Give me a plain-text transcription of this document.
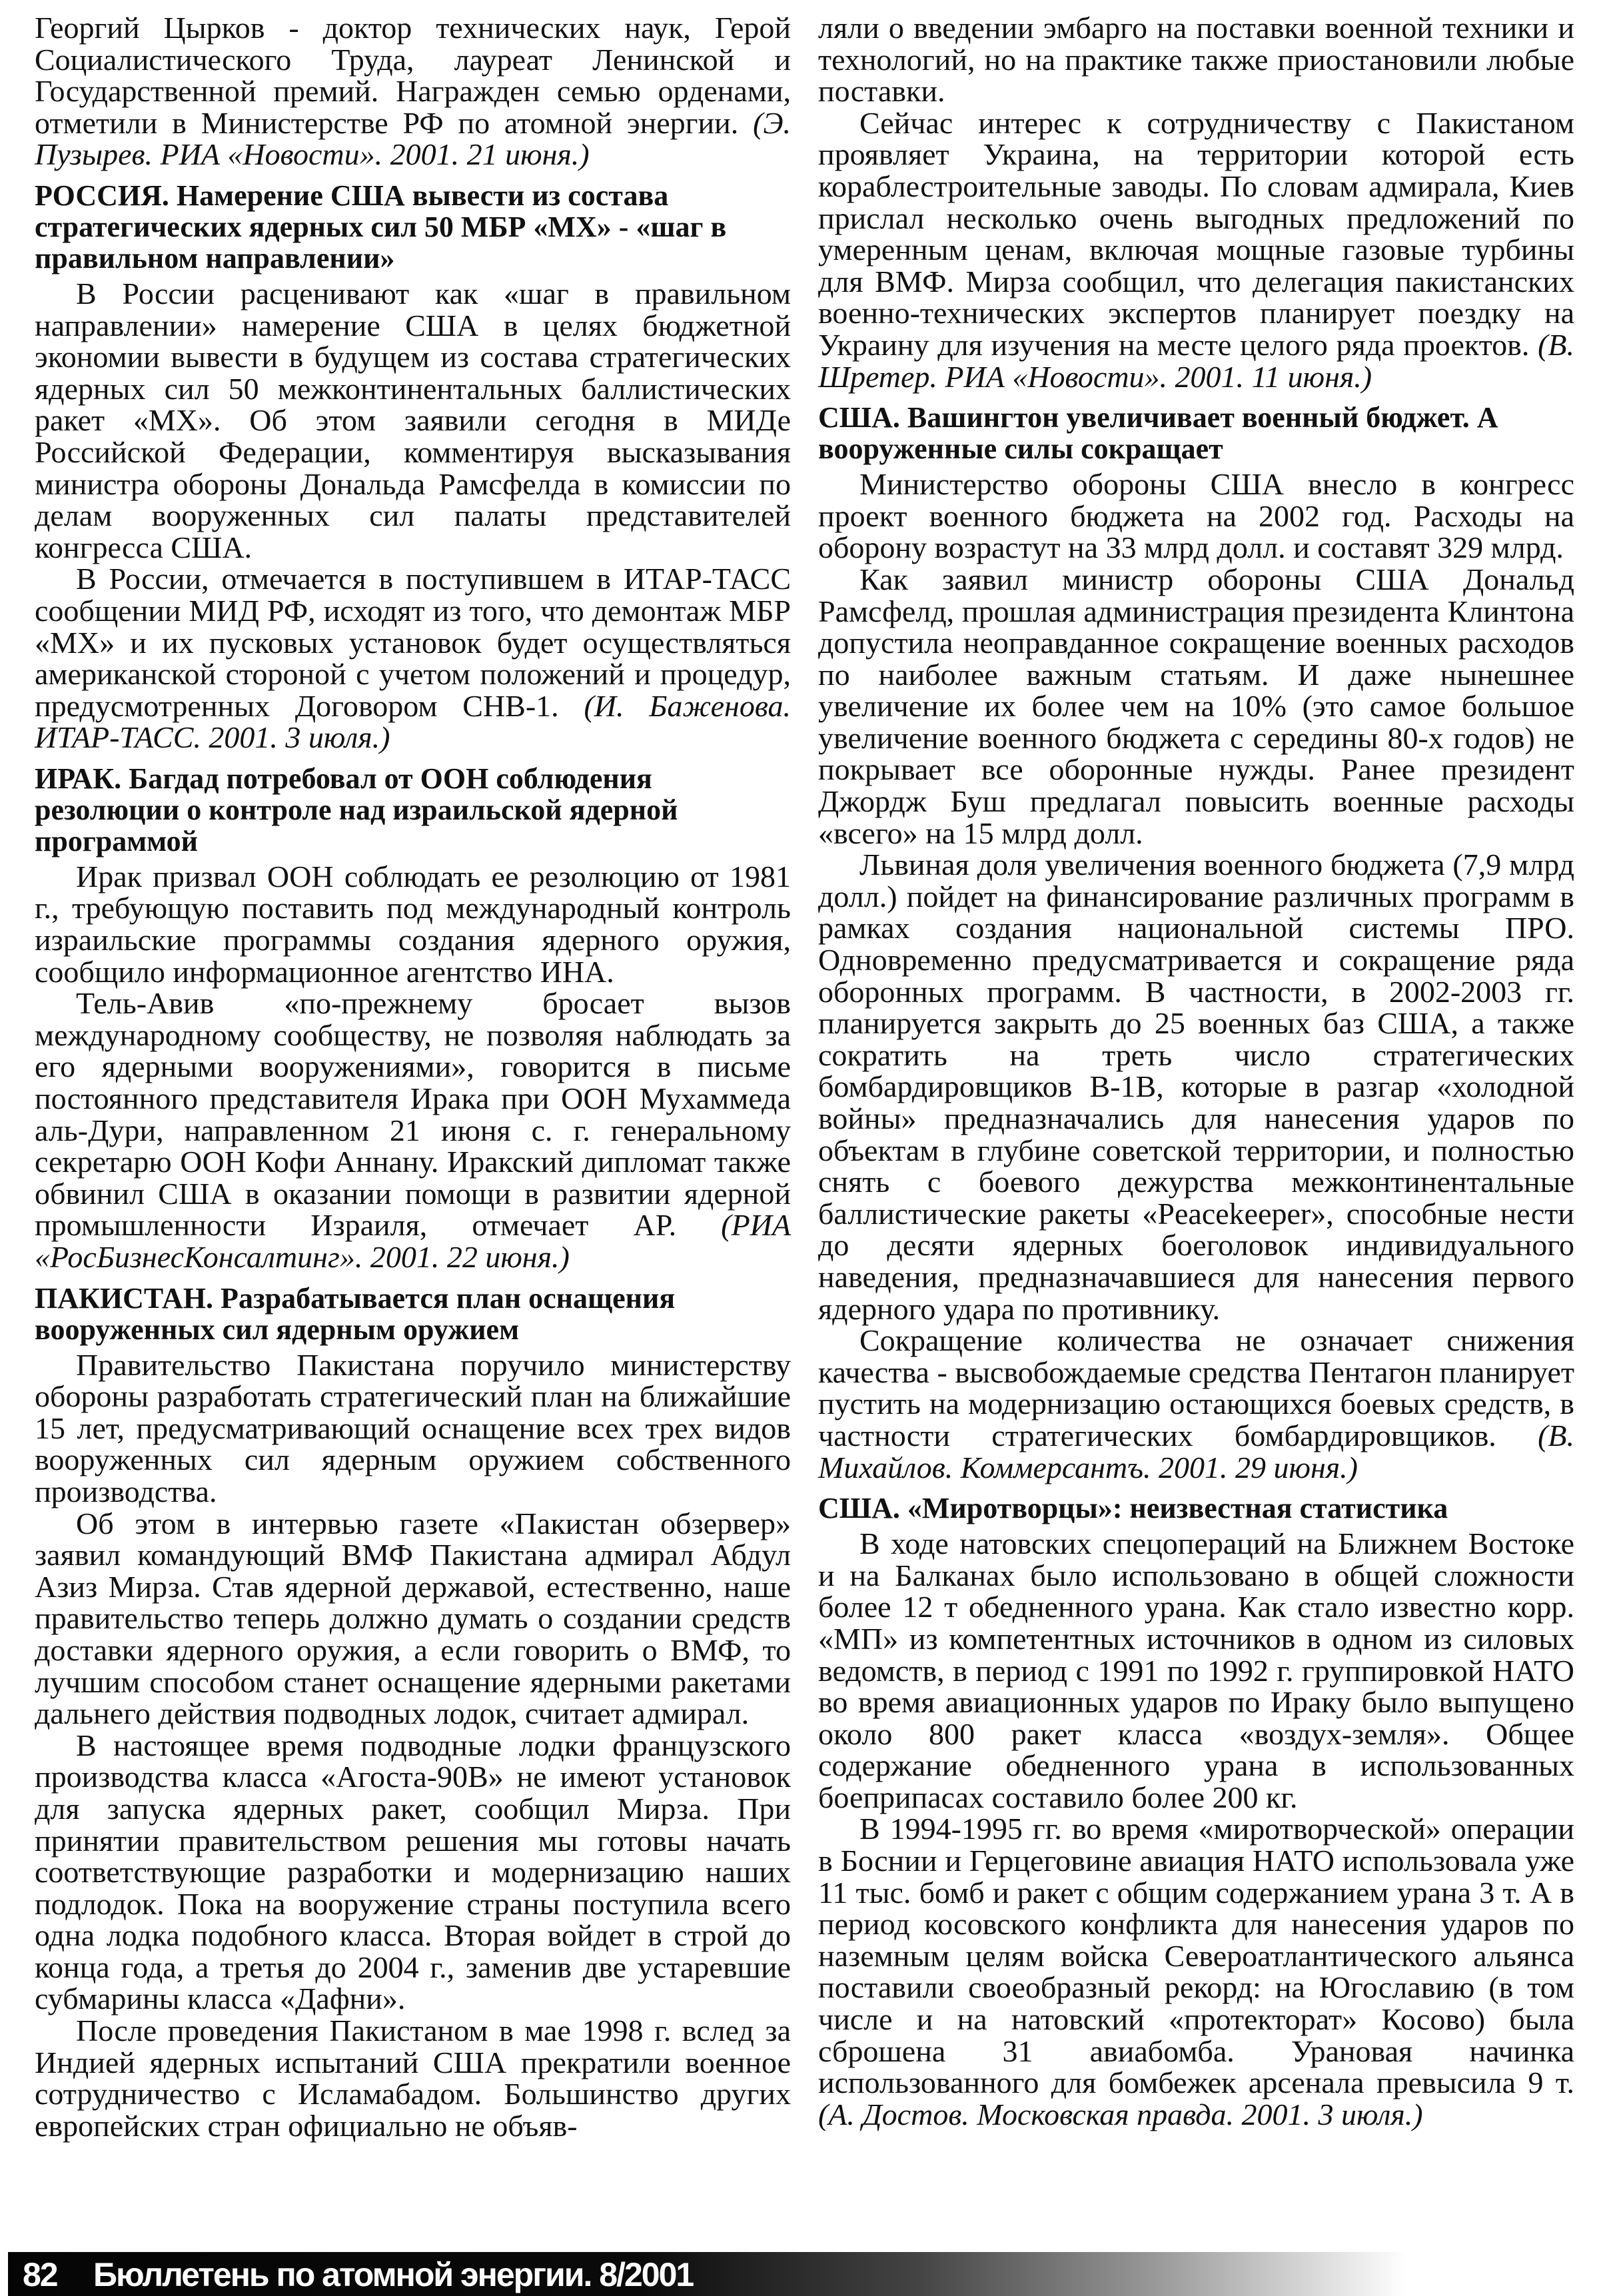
Георгий Цырков - доктор технических наук, Герой Социалистического Труда, лауреат Ленинской и Государственной премий. Награжден семью орденами, отметили в Министерстве РФ по атомной энергии. (Э. Пузырев. РИА «Новости». 2001. 21 июня.)

РОССИЯ. Намерение США вывести из состава стратегических ядерных сил 50 МБР «МХ» - «шаг в правильном направлении»

В России расценивают как «шаг в правильном направлении» намерение США в целях бюджетной экономии вывести в будущем из состава стратегических ядерных сил 50 межконтинентальных баллистических ракет «МХ». Об этом заявили сегодня в МИДе Российской Федерации, комментируя высказывания министра обороны Дональда Рамсфелда в комиссии по делам вооруженных сил палаты представителей конгресса США.

В России, отмечается в поступившем в ИТАР-ТАСС сообщении МИД РФ, исходят из того, что демонтаж МБР «МХ» и их пусковых установок будет осуществляться американской стороной с учетом положений и процедур, предусмотренных Договором СНВ-1. (И. Баженова. ИТАР-ТАСС. 2001. 3 июля.)

ИРАК. Багдад потребовал от ООН соблюдения резолюции о контроле над израильской ядерной программой

Ирак призвал ООН соблюдать ее резолюцию от 1981 г., требующую поставить под международный контроль израильские программы создания ядерного оружия, сообщило информационное агентство ИНА.

Тель-Авив «по-прежнему бросает вызов международному сообществу, не позволяя наблюдать за его ядерными вооружениями», говорится в письме постоянного представителя Ирака при ООН Мухаммеда аль-Дури, направленном 21 июня с. г. генеральному секретарю ООН Кофи Аннану. Иракский дипломат также обвинил США в оказании помощи в развитии ядерной промышленности Израиля, отмечает АР. (РИА «РосБизнесКонсалтинг». 2001. 22 июня.)

ПАКИСТАН. Разрабатывается план оснащения вооруженных сил ядерным оружием

Правительство Пакистана поручило министерству обороны разработать стратегический план на ближайшие 15 лет, предусматривающий оснащение всех трех видов вооруженных сил ядерным оружием собственного производства.

Об этом в интервью газете «Пакистан обзервер» заявил командующий ВМФ Пакистана адмирал Абдул Азиз Мирза. Став ядерной державой, естественно, наше правительство теперь должно думать о создании средств доставки ядерного оружия, а если говорить о ВМФ, то лучшим способом станет оснащение ядерными ракетами дальнего действия подводных лодок, считает адмирал.

В настоящее время подводные лодки французского производства класса «Агоста-90В» не имеют установок для запуска ядерных ракет, сообщил Мирза. При принятии правительством решения мы готовы начать соответствующие разработки и модернизацию наших подлодок. Пока на вооружение страны поступила всего одна лодка подобного класса. Вторая войдет в строй до конца года, а третья до 2004 г., заменив две устаревшие субмарины класса «Дафни».

После проведения Пакистаном в мае 1998 г. вслед за Индией ядерных испытаний США прекратили военное сотрудничество с Исламабадом. Большинство других европейских стран официально не объяв-

ляли о введении эмбарго на поставки военной техники и технологий, но на практике также приостановили любые поставки.

Сейчас интерес к сотрудничеству с Пакистаном проявляет Украина, на территории которой есть кораблестроительные заводы. По словам адмирала, Киев прислал несколько очень выгодных предложений по умеренным ценам, включая мощные газовые турбины для ВМФ. Мирза сообщил, что делегация пакистанских военно-технических экспертов планирует поездку на Украину для изучения на месте целого ряда проектов. (В. Шретер. РИА «Новости». 2001. 11 июня.)

США. Вашингтон увеличивает военный бюджет. А вооруженные силы сокращает

Министерство обороны США внесло в конгресс проект военного бюджета на 2002 год. Расходы на оборону возрастут на 33 млрд долл. и составят 329 млрд.

Как заявил министр обороны США Дональд Рамсфелд, прошлая администрация президента Клинтона допустила неоправданное сокращение военных расходов по наиболее важным статьям. И даже нынешнее увеличение их более чем на 10% (это самое большое увеличение военного бюджета с середины 80-х годов) не покрывает все оборонные нужды. Ранее президент Джордж Буш предлагал повысить военные расходы «всего» на 15 млрд долл.

Львиная доля увеличения военного бюджета (7,9 млрд долл.) пойдет на финансирование различных программ в рамках создания национальной системы ПРО. Одновременно предусматривается и сокращение ряда оборонных программ. В частности, в 2002-2003 гг. планируется закрыть до 25 военных баз США, а также сократить на треть число стратегических бомбардировщиков В-1В, которые в разгар «холодной войны» предназначались для нанесения ударов по объектам в глубине советской территории, и полностью снять с боевого дежурства межконтинентальные баллистические ракеты «Peacekeeper», способные нести до десяти ядерных боеголовок индивидуального наведения, предназначавшиеся для нанесения первого ядерного удара по противнику.

Сокращение количества не означает снижения качества - высвобождаемые средства Пентагон планирует пустить на модернизацию остающихся боевых средств, в частности стратегических бомбардировщиков. (В. Михайлов. Коммерсантъ. 2001. 29 июня.)

США. «Миротворцы»: неизвестная статистика

В ходе натовских спецопераций на Ближнем Востоке и на Балканах было использовано в общей сложности более 12 т обедненного урана. Как стало известно корр. «МП» из компетентных источников в одном из силовых ведомств, в период с 1991 по 1992 г. группировкой НАТО во время авиационных ударов по Ираку было выпущено около 800 ракет класса «воздух-земля». Общее содержание обедненного урана в использованных боеприпасах составило более 200 кг.

В 1994-1995 гг. во время «миротворческой» операции в Боснии и Герцеговине авиация НАТО использовала уже 11 тыс. бомб и ракет с общим содержанием урана 3 т. А в период косовского конфликта для нанесения ударов по наземным целям войска Североатлантического альянса поставили своеобразный рекорд: на Югославию (в том числе и на натовский «протекторат» Косово) была сброшена 31 авиабомба. Урановая начинка использованного для бомбежек арсенала превысила 9 т. (А. Достов. Московская правда. 2001. 3 июля.)

82 Бюллетень по атомной энергии. 8/2001
